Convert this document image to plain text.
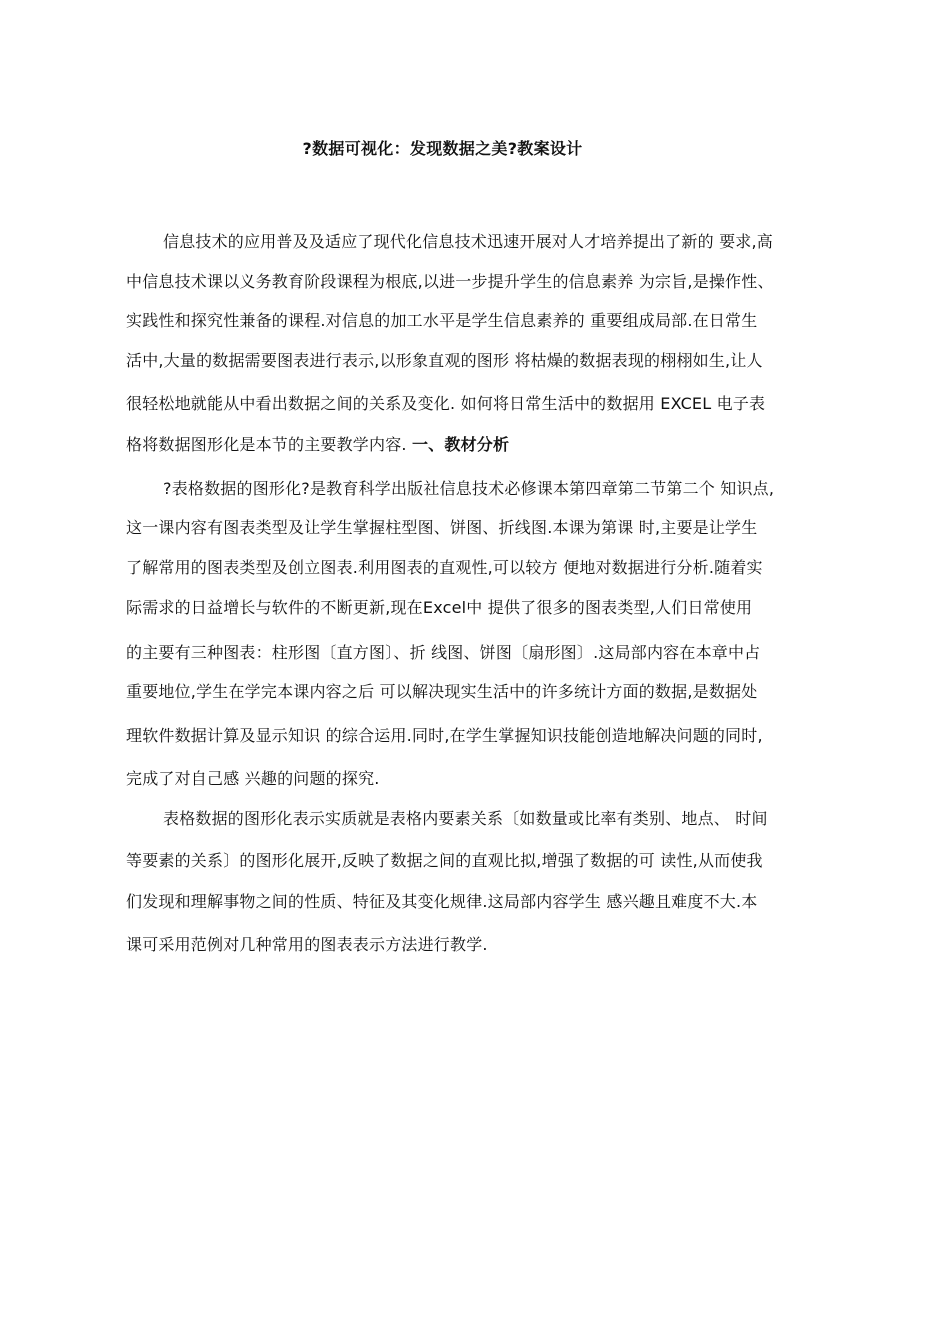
?数据可视化：发现数据之美?教案设计
信息技术的应用普及及适应了现代化信息技术迅速开展对人才培养提出了新的 要求,高
中信息技术课以义务教育阶段课程为根底,以进一步提升学生的信息素养 为宗旨,是操作性、
实践性和探究性兼备的课程.对信息的加工水平是学生信息素养的 重要组成局部.在日常生
活中,大量的数据需要图表进行表示,以形象直观的图形 将枯燥的数据表现的栩栩如生,让人
很轻松地就能从中看出数据之间的关系及变化. 如何将日常生活中的数据用 EXCEL 电子表
格将数据图形化是本节的主要教学内容. 一、教材分析
?表格数据的图形化?是教育科学出版社信息技术必修课本第四章第二节第二个 知识点,
这一课内容有图表类型及让学生掌握柱型图、饼图、折线图.本课为第课 时,主要是让学生
了解常用的图表类型及创立图表.利用图表的直观性,可以较方 便地对数据进行分析.随着实
际需求的日益增长与软件的不断更新,现在Excel中 提供了很多的图表类型,人们日常使用
的主要有三种图表：柱形图〔直方图〕、折 线图、饼图〔扇形图〕.这局部内容在本章中占
重要地位,学生在学完本课内容之后 可以解决现实生活中的许多统计方面的数据,是数据处
理软件数据计算及显示知识 的综合运用.同时,在学生掌握知识技能创造地解决问题的同时,
完成了对自己感 兴趣的问题的探究.
表格数据的图形化表示实质就是表格内要素关系〔如数量或比率有类别、地点、 时间
等要素的关系〕的图形化展开,反映了数据之间的直观比拟,增强了数据的可 读性,从而使我
们发现和理解事物之间的性质、特征及其变化规律.这局部内容学生 感兴趣且难度不大.本
课可采用范例对几种常用的图表表示方法进行教学.
